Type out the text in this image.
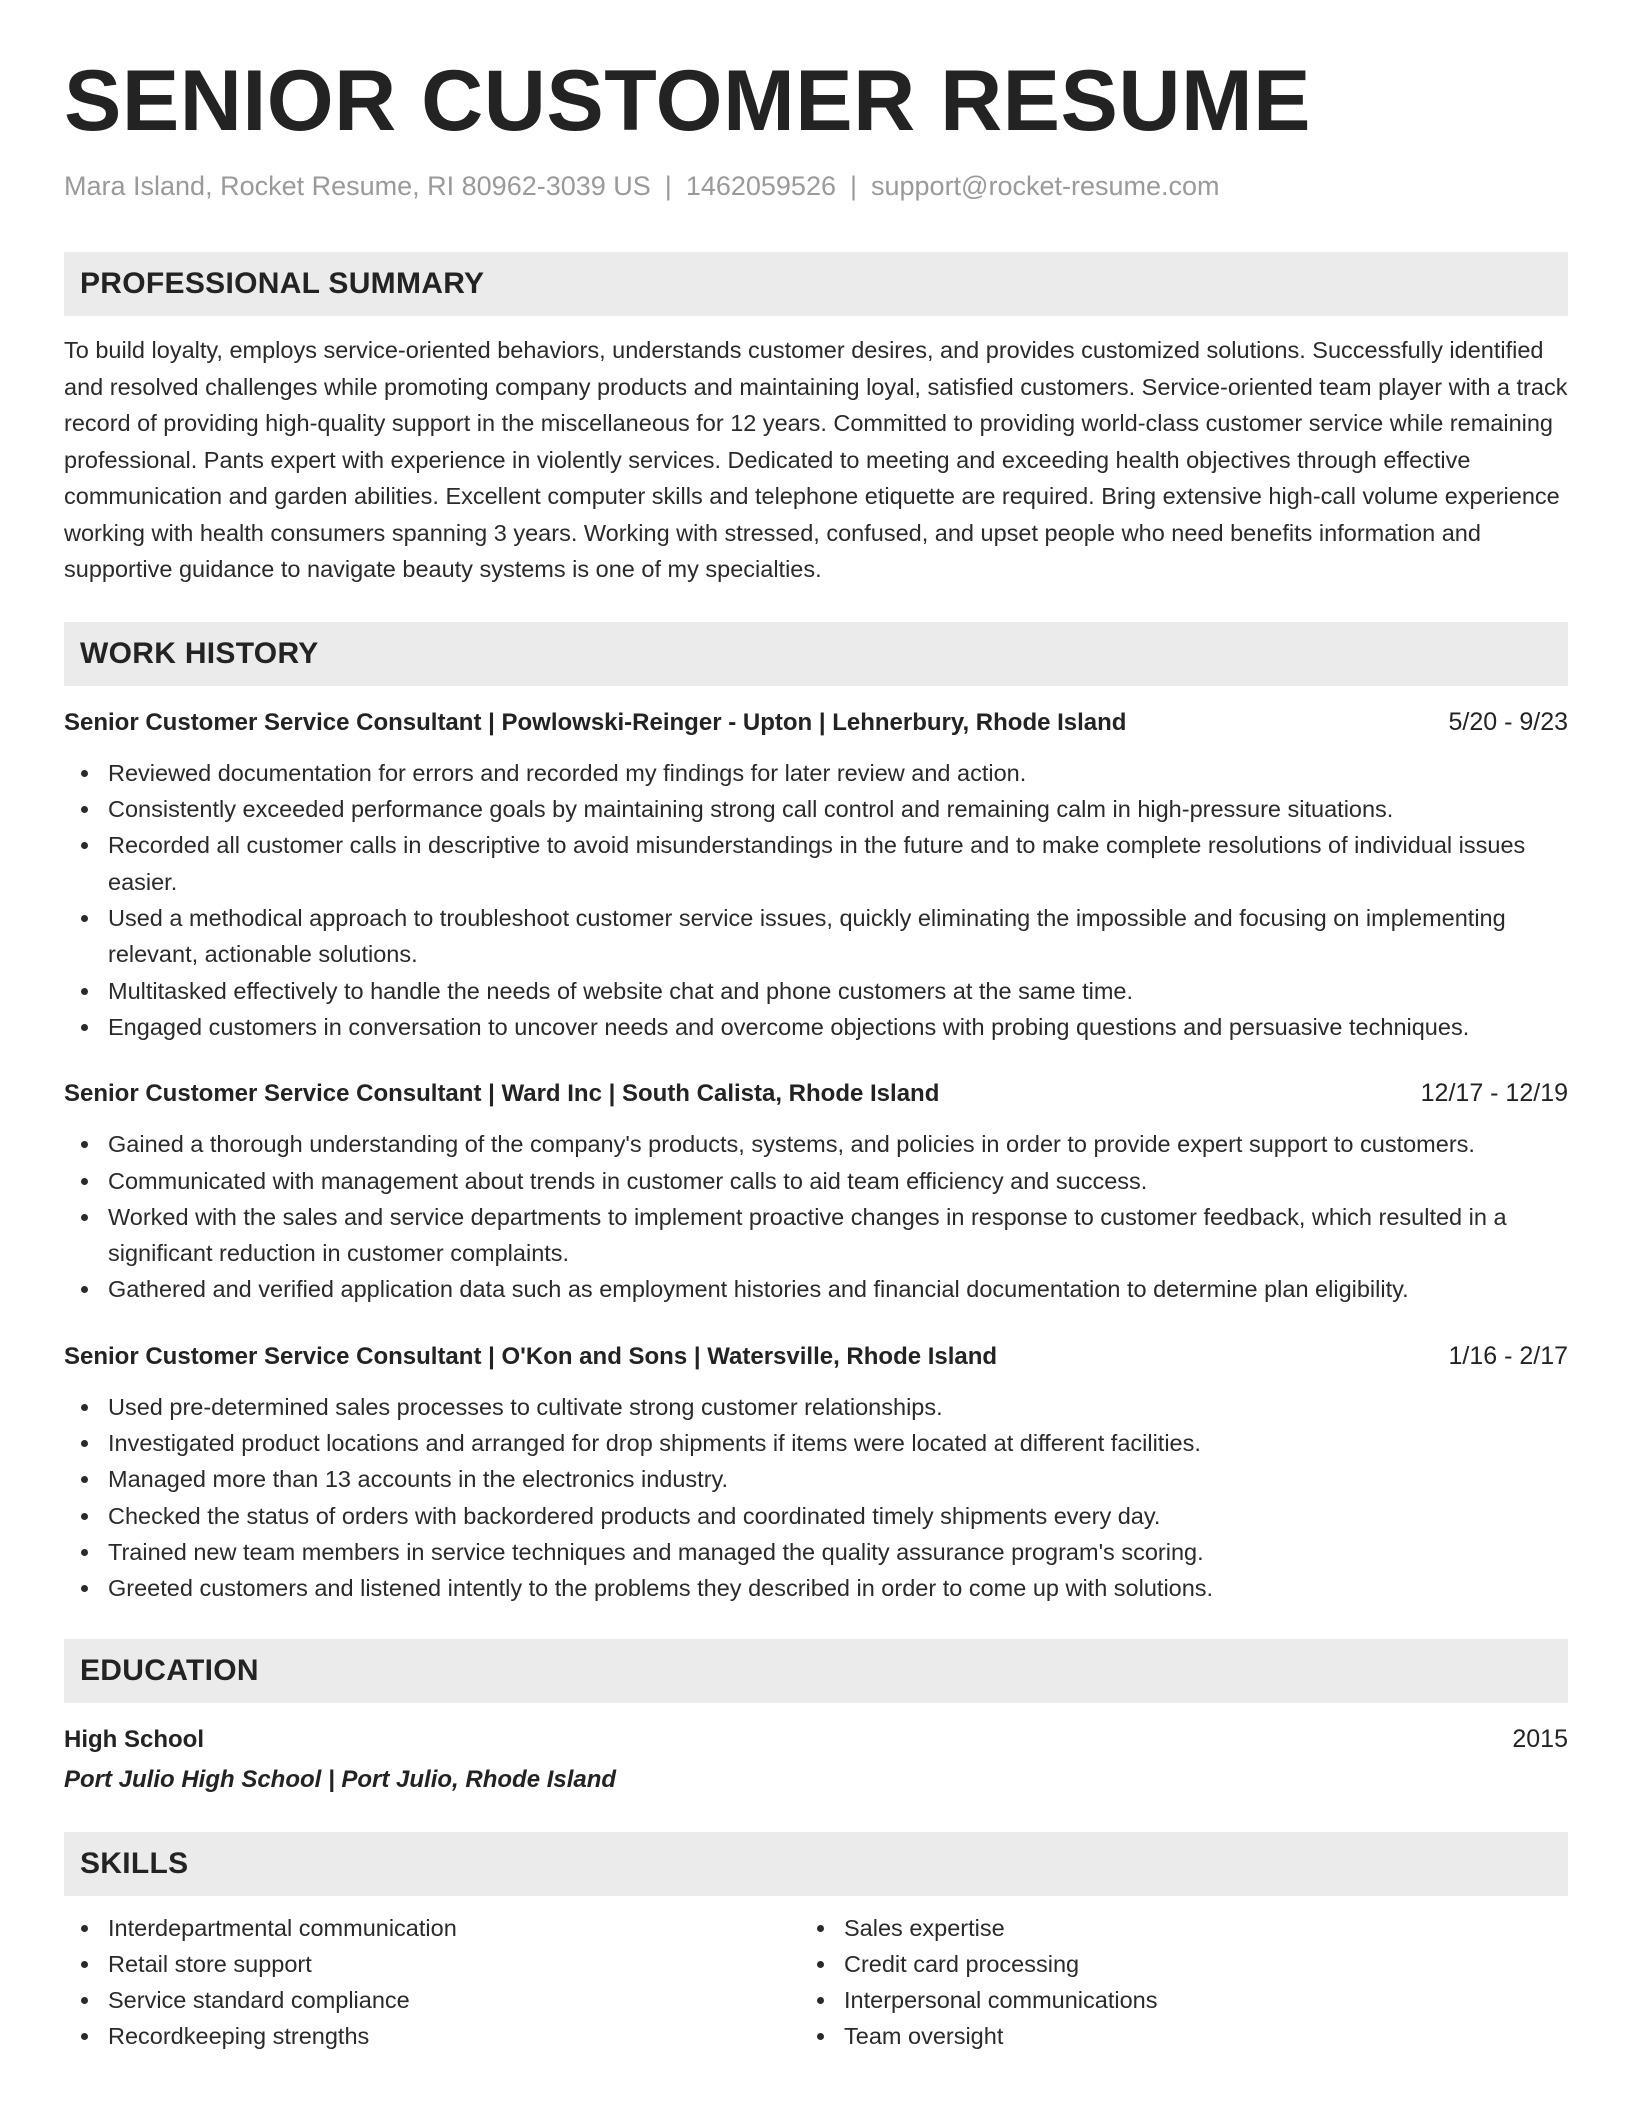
SENIOR CUSTOMER RESUME
Mara Island, Rocket Resume, RI 80962-3039 US | 1462059526 | support@rocket-resume.com
PROFESSIONAL SUMMARY
To build loyalty, employs service-oriented behaviors, understands customer desires, and provides customized solutions. Successfully identified and resolved challenges while promoting company products and maintaining loyal, satisfied customers. Service-oriented team player with a track record of providing high-quality support in the miscellaneous for 12 years. Committed to providing world-class customer service while remaining professional. Pants expert with experience in violently services. Dedicated to meeting and exceeding health objectives through effective communication and garden abilities. Excellent computer skills and telephone etiquette are required. Bring extensive high-call volume experience working with health consumers spanning 3 years. Working with stressed, confused, and upset people who need benefits information and supportive guidance to navigate beauty systems is one of my specialties.
WORK HISTORY
Senior Customer Service Consultant | Powlowski-Reinger - Upton | Lehnerbury, Rhode Island	5/20 - 9/23
Reviewed documentation for errors and recorded my findings for later review and action.
Consistently exceeded performance goals by maintaining strong call control and remaining calm in high-pressure situations.
Recorded all customer calls in descriptive to avoid misunderstandings in the future and to make complete resolutions of individual issues easier.
Used a methodical approach to troubleshoot customer service issues, quickly eliminating the impossible and focusing on implementing relevant, actionable solutions.
Multitasked effectively to handle the needs of website chat and phone customers at the same time.
Engaged customers in conversation to uncover needs and overcome objections with probing questions and persuasive techniques.
Senior Customer Service Consultant | Ward Inc | South Calista, Rhode Island	12/17 - 12/19
Gained a thorough understanding of the company's products, systems, and policies in order to provide expert support to customers.
Communicated with management about trends in customer calls to aid team efficiency and success.
Worked with the sales and service departments to implement proactive changes in response to customer feedback, which resulted in a significant reduction in customer complaints.
Gathered and verified application data such as employment histories and financial documentation to determine plan eligibility.
Senior Customer Service Consultant | O'Kon and Sons | Watersville, Rhode Island	1/16 - 2/17
Used pre-determined sales processes to cultivate strong customer relationships.
Investigated product locations and arranged for drop shipments if items were located at different facilities.
Managed more than 13 accounts in the electronics industry.
Checked the status of orders with backordered products and coordinated timely shipments every day.
Trained new team members in service techniques and managed the quality assurance program's scoring.
Greeted customers and listened intently to the problems they described in order to come up with solutions.
EDUCATION
High School	2015
Port Julio High School | Port Julio, Rhode Island
SKILLS
Interdepartmental communication
Retail store support
Service standard compliance
Recordkeeping strengths
Sales expertise
Credit card processing
Interpersonal communications
Team oversight
